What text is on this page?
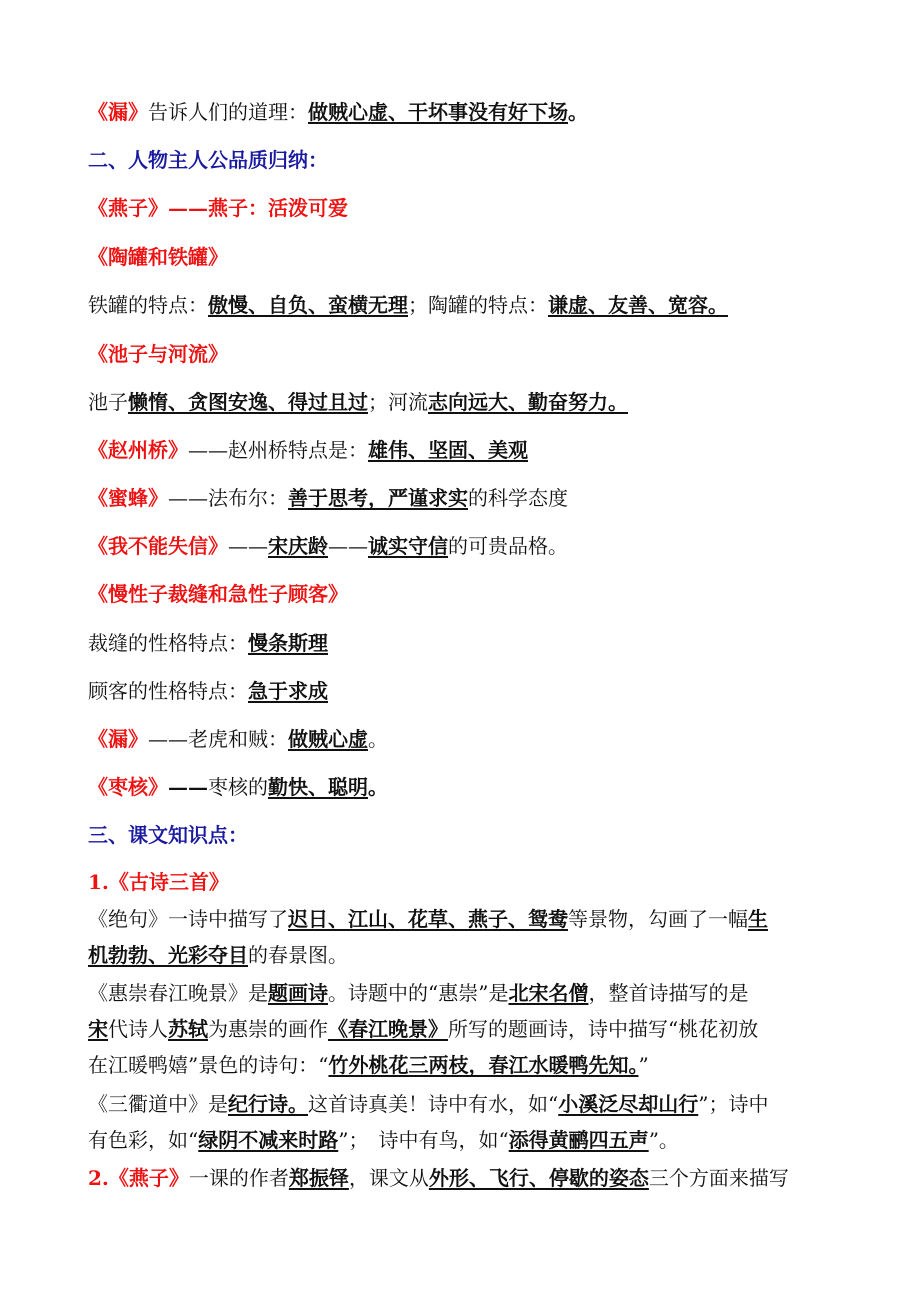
《漏》告诉人们的道理：做贼心虚、干坏事没有好下场。
二、人物主人公品质归纳：
《燕子》——燕子：活泼可爱
《陶罐和铁罐》
铁罐的特点：傲慢、自负、蛮横无理；陶罐的特点：谦虚、友善、宽容。
《池子与河流》
池子懒惰、贪图安逸、得过且过；河流志向远大、勤奋努力。
《赵州桥》——赵州桥特点是：雄伟、坚固、美观
《蜜蜂》——法布尔：善于思考，严谨求实的科学态度
《我不能失信》——宋庆龄——诚实守信的可贵品格。
《慢性子裁缝和急性子顾客》
裁缝的性格特点：慢条斯理
顾客的性格特点：急于求成
《漏》——老虎和贼：做贼心虚。
《枣核》——枣核的勤快、聪明。
三、课文知识点：
1.《古诗三首》
《绝句》一诗中描写了迟日、江山、花草、燕子、鸳鸯等景物，勾画了一幅生
机勃勃、光彩夺目的春景图。
《惠崇春江晚景》是题画诗。诗题中的“惠崇”是北宋名僧，整首诗描写的是
宋代诗人苏轼为惠崇的画作《春江晚景》所写的题画诗，诗中描写“桃花初放
在江暖鸭嬉”景色的诗句：“竹外桃花三两枝，春江水暖鸭先知。”
《三衢道中》是纪行诗。这首诗真美！诗中有水，如“小溪泛尽却山行”；诗中
有色彩，如“绿阴不减来时路”；　诗中有鸟，如“添得黄鹂四五声”。
2.《燕子》一课的作者郑振铎，课文从外形、飞行、停歇的姿态三个方面来描写
